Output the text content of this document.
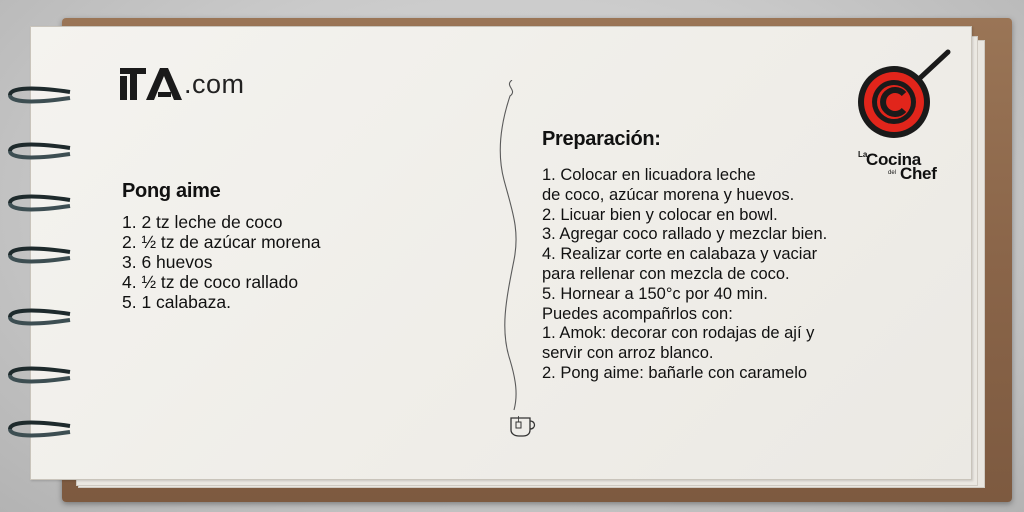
.com
Pong aime
1. 2 tz leche de coco
2. ½ tz de azúcar morena
3. 6 huevos
4. ½ tz de coco rallado
5. 1 calabaza.
Preparación:
1. Colocar en licuadora leche
de coco, azúcar morena y huevos.
2. Licuar bien y colocar en bowl.
3. Agregar coco rallado y mezclar bien.
4. Realizar corte en calabaza y vaciar
para rellenar con mezcla de coco.
5. Hornear a 150°c por 40 min.
Puedes acompañrlos con:
1. Amok: decorar con rodajas de ají y
servir con arroz blanco.
2. Pong aime: bañarle con caramelo
La
Cocina
del Chef
